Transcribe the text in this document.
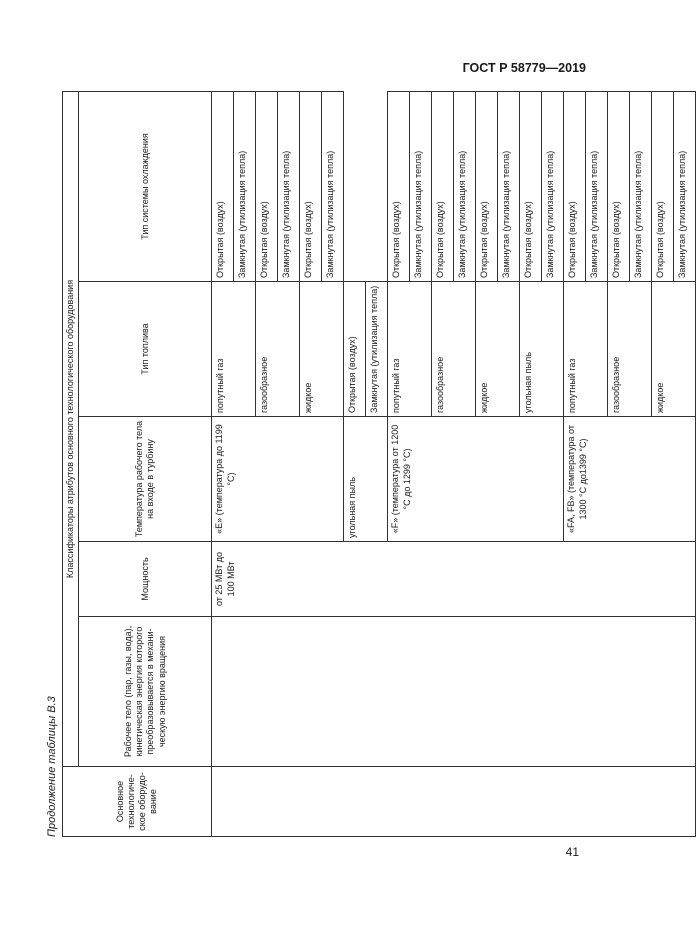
ГОСТ Р 58779—2019
Продолжение таблицы В.3	Основное технологиче-ское оборудо-вание	Классификаторы атрибутов основного технологического оборудования				
	Рабочее тело (пар, газы, вода), кинетическая энергия которого преобразовывается в механи-ческую энергию вращения	Мощность	Температура рабочего тела на входе в турбину	Тип топлива	Тип системы охлаждения
		от 25 МВт до 100 МВт	«Е» (температура до 1199 °С)	попутный газ	Открытая (воздух)
					Замкнутая (утилизация тепла)
				газообразное	Открытая (воздух)
					Замкнутая (утилизация тепла)
				жидкое	Открытая (воздух)
					Замкнутая (утилизация тепла)
			угольная пыль	Открытая (воздух)	
				Замкнутая (утилизация тепла)	
			«F» (температура от 1200 °С до 1299 °С)	попутный газ	Открытая (воздух)
					Замкнутая (утилизация тепла)
				газообразное	Открытая (воздух)
					Замкнутая (утилизация тепла)
				жидкое	Открытая (воздух)
					Замкнутая (утилизация тепла)
				угольная пыль	Открытая (воздух)
					Замкнутая (утилизация тепла)
			«FA, FB» (температура от 1300 °С до1399 °С)	попутный газ	Открытая (воздух)
					Замкнутая (утилизация тепла)
				газообразное	Открытая (воздух)
					Замкнутая (утилизация тепла)
				жидкое	Открытая (воздух)
					Замкнутая (утилизация тепла)
41
